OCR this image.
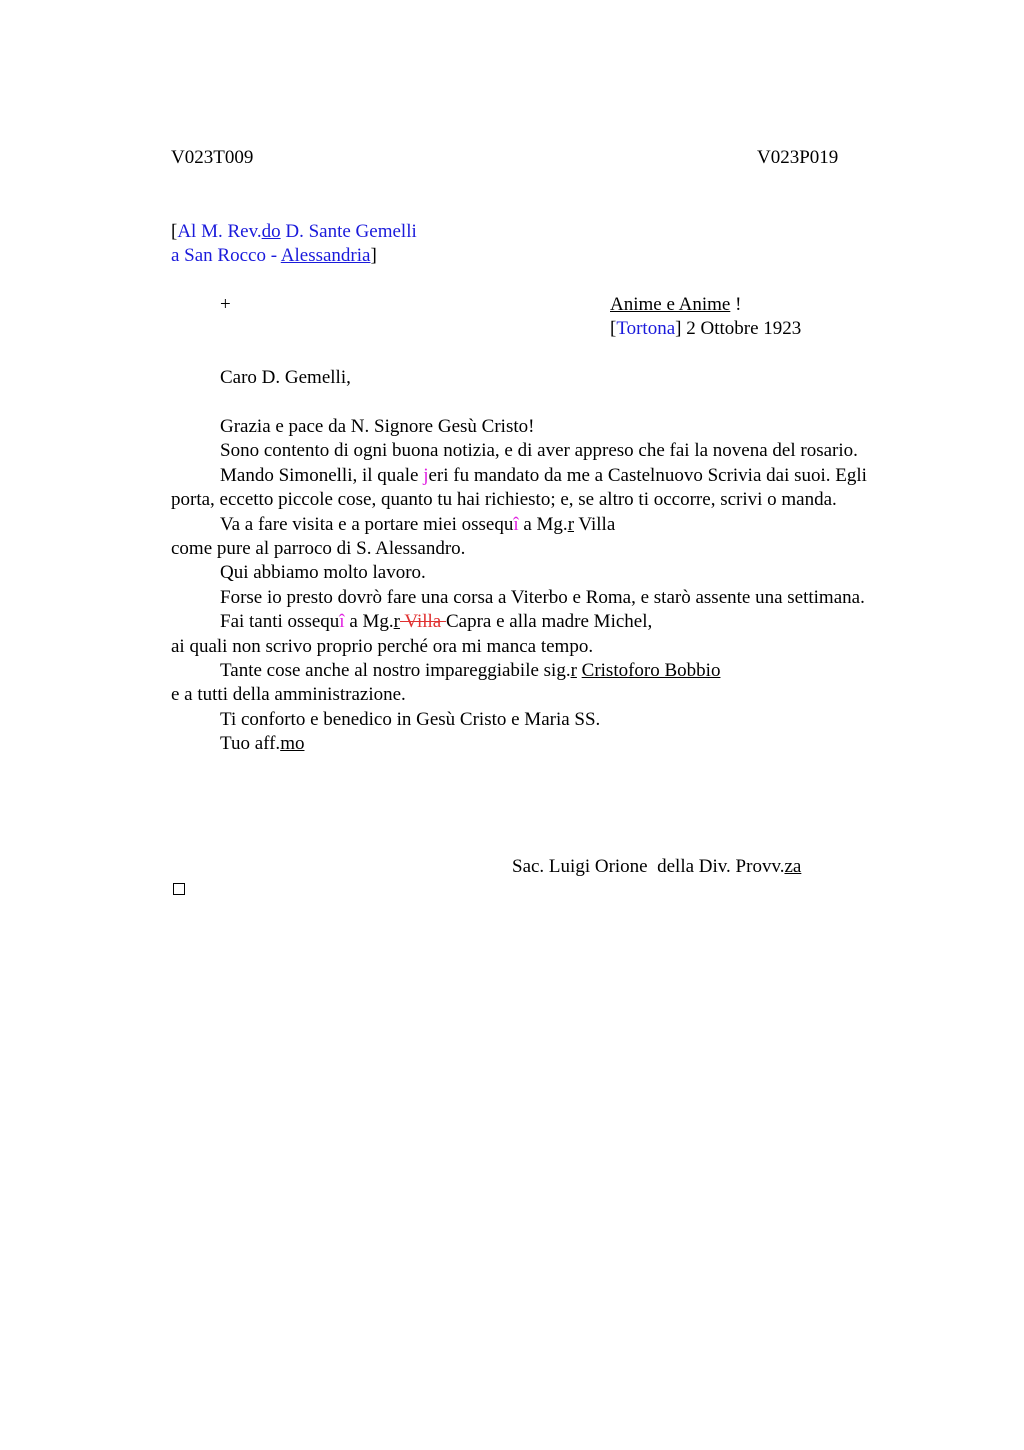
V023T009	V023P019
[Al M. Rev.do D. Sante Gemelli
a San Rocco - Alessandria]
+	Anime e Anime !
[Tortona] 2 Ottobre 1923
Caro D. Gemelli,

Grazia e pace da N. Signore Gesù Cristo!

Sono contento di ogni buona notizia, e di aver appreso che fai la novena del rosario.

Mando Simonelli, il quale jeri fu mandato da me a Castelnuovo Scrivia dai suoi. Egli porta, eccetto piccole cose, quanto tu hai richiesto; e, se altro ti occorre, scrivi o manda.

Va a fare visita e a portare miei ossequî a Mg.r Villa

come pure al parroco di S. Alessandro.

Qui abbiamo molto lavoro.

Forse io presto dovrò fare una corsa a Viterbo e Roma, e starò assente una settimana.

Fai tanti ossequî a Mg.r Villa Capra e alla madre Michel,

ai quali non scrivo proprio perché ora mi manca tempo.

Tante cose anche al nostro impareggiabile sig.r Cristoforo Bobbio

e a tutti della amministrazione.

Ti conforto e benedico in Gesù Cristo e Maria SS.

Tuo aff.mo

Sac. Luigi Orione  della Div. Provv.za
